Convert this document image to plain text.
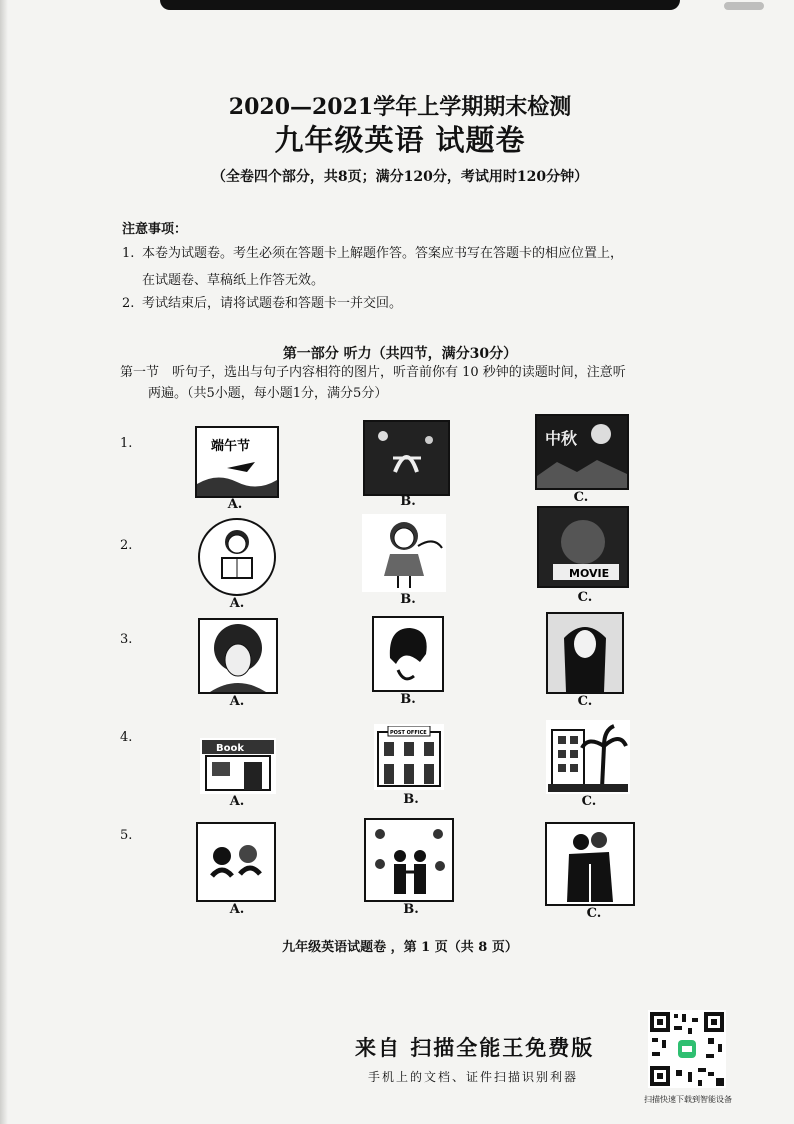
2020—2021学年上学期期末检测
九年级英语 试题卷
（全卷四个部分，共8页；满分120分，考试用时120分钟）
注意事项：
1. 本卷为试题卷。考生必须在答题卡上解题作答。答案应书写在答题卡的相应位置上，
在试题卷、草稿纸上作答无效。
2. 考试结束后，请将试题卷和答题卡一并交回。
第一部分 听力（共四节，满分30分）
第一节 听句子，选出与句子内容相符的图片，听音前你有 10 秒钟的读题时间，注意听
两遍。（共5小题，每小题1分，满分5分）
1.	端午节
A.	B.
中秋
C.
2.
A.	B.
MOVIE
C.
3.
A.	B.	C.
4.
Book
A.
POST OFFICE
B.	C.
5.
A.	B.	C.
九年级英语试题卷 ，第 1 页（共 8 页）
来自 扫描全能王免费版
手机上的文档、证件扫描识别利器
扫描快速下载到智能设备
